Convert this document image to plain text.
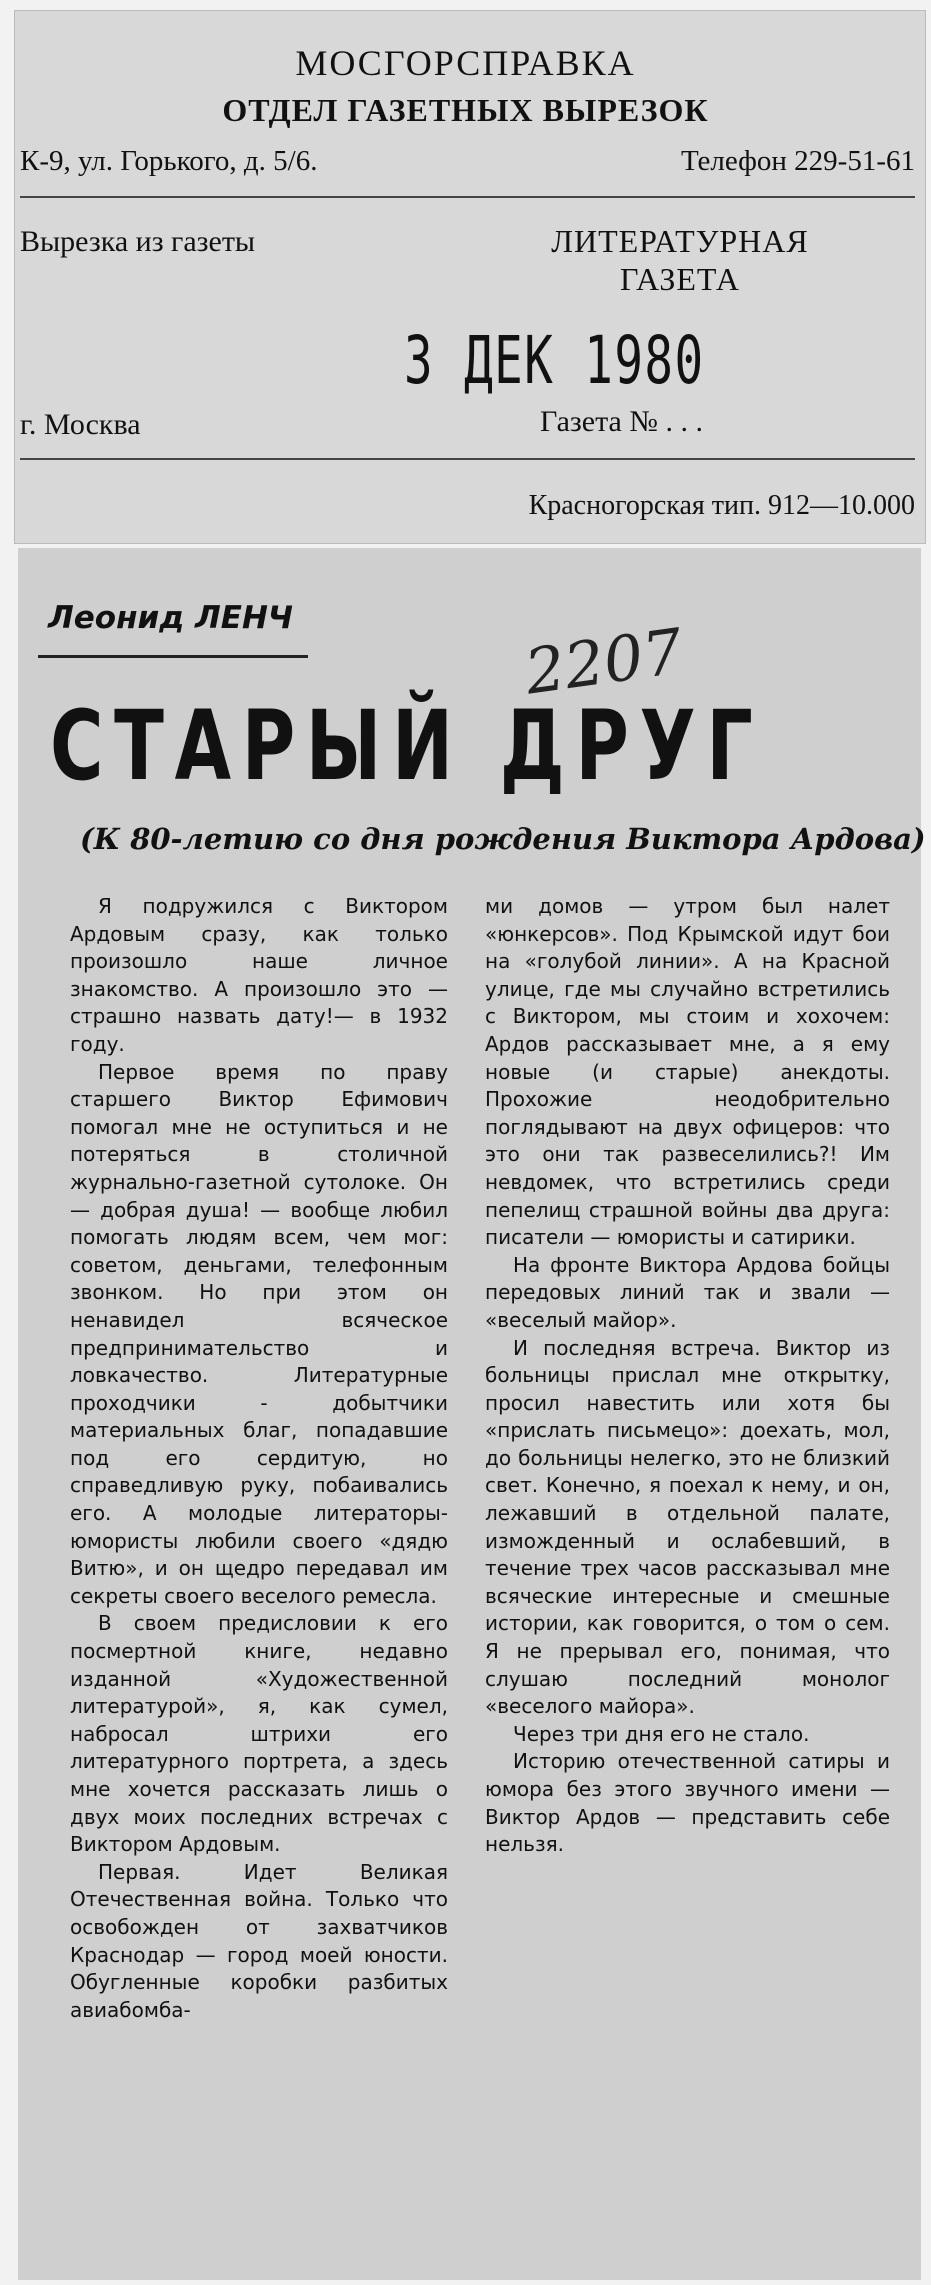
МОСГОРСПРАВКА
ОТДЕЛ ГАЗЕТНЫХ ВЫРЕЗОК
К-9, ул. Горького, д. 5/6.	Телефон 229-51-61
Вырезка из газеты	ЛИТЕРАТУРНАЯ
ГАЗЕТА
3 ДЕК 1980
г. Москва	Газета № . . .
Красногорская тип. 912—10.000
Леонид ЛЕНЧ	2207
СТАРЫЙ ДРУГ
(К 80-летию со дня рождения Виктора Ардова)

Я подружился с Виктором Ардовым сразу, как только произошло наше личное знакомство. А произошло это — страшно назвать дату!— в 1932 году.

Первое время по праву старшего Виктор Ефимович помогал мне не оступиться и не потеряться в столичной журнально-газетной сутолоке. Он — добрая душа! — вообще любил помогать людям всем, чем мог: советом, деньгами, телефонным звонком. Но при этом он ненавидел всяческое предпринимательство и ловкачество. Литературные проходчики - добытчики материальных благ, попадавшие под его сердитую, но справедливую руку, побаивались его. А молодые литераторы-юмористы любили своего «дядю Витю», и он щедро передавал им секреты своего веселого ремесла.

В своем предисловии к его посмертной книге, недавно изданной «Художественной литературой», я, как сумел, набросал штрихи его литературного портрета, а здесь мне хочется рассказать лишь о двух моих последних встречах с Виктором Ардовым.

Первая. Идет Великая Отечественная война. Только что освобожден от захватчиков Краснодар — город моей юности. Обугленные коробки разбитых авиабомба-

ми домов — утром был налет «юнкерсов». Под Крымской идут бои на «голубой линии». А на Красной улице, где мы случайно встретились с Виктором, мы стоим и хохочем: Ардов рассказывает мне, а я ему новые (и старые) анекдоты. Прохожие неодобрительно поглядывают на двух офицеров: что это они так развеселились?! Им невдомек, что встретились среди пепелищ страшной войны два друга: писатели — юмористы и сатирики.

На фронте Виктора Ардова бойцы передовых линий так и звали — «веселый майор».

И последняя встреча. Виктор из больницы прислал мне открытку, просил навестить или хотя бы «прислать письмецо»: доехать, мол, до больницы нелегко, это не близкий свет. Конечно, я поехал к нему, и он, лежавший в отдельной палате, изможденный и ослабевший, в течение трех часов рассказывал мне всяческие интересные и смешные истории, как говорится, о том о сем. Я не прерывал его, понимая, что слушаю последний монолог «веселого майора».

Через три дня его не стало.

Историю отечественной сатиры и юмора без этого звучного имени — Виктор Ардов — представить себе нельзя.
